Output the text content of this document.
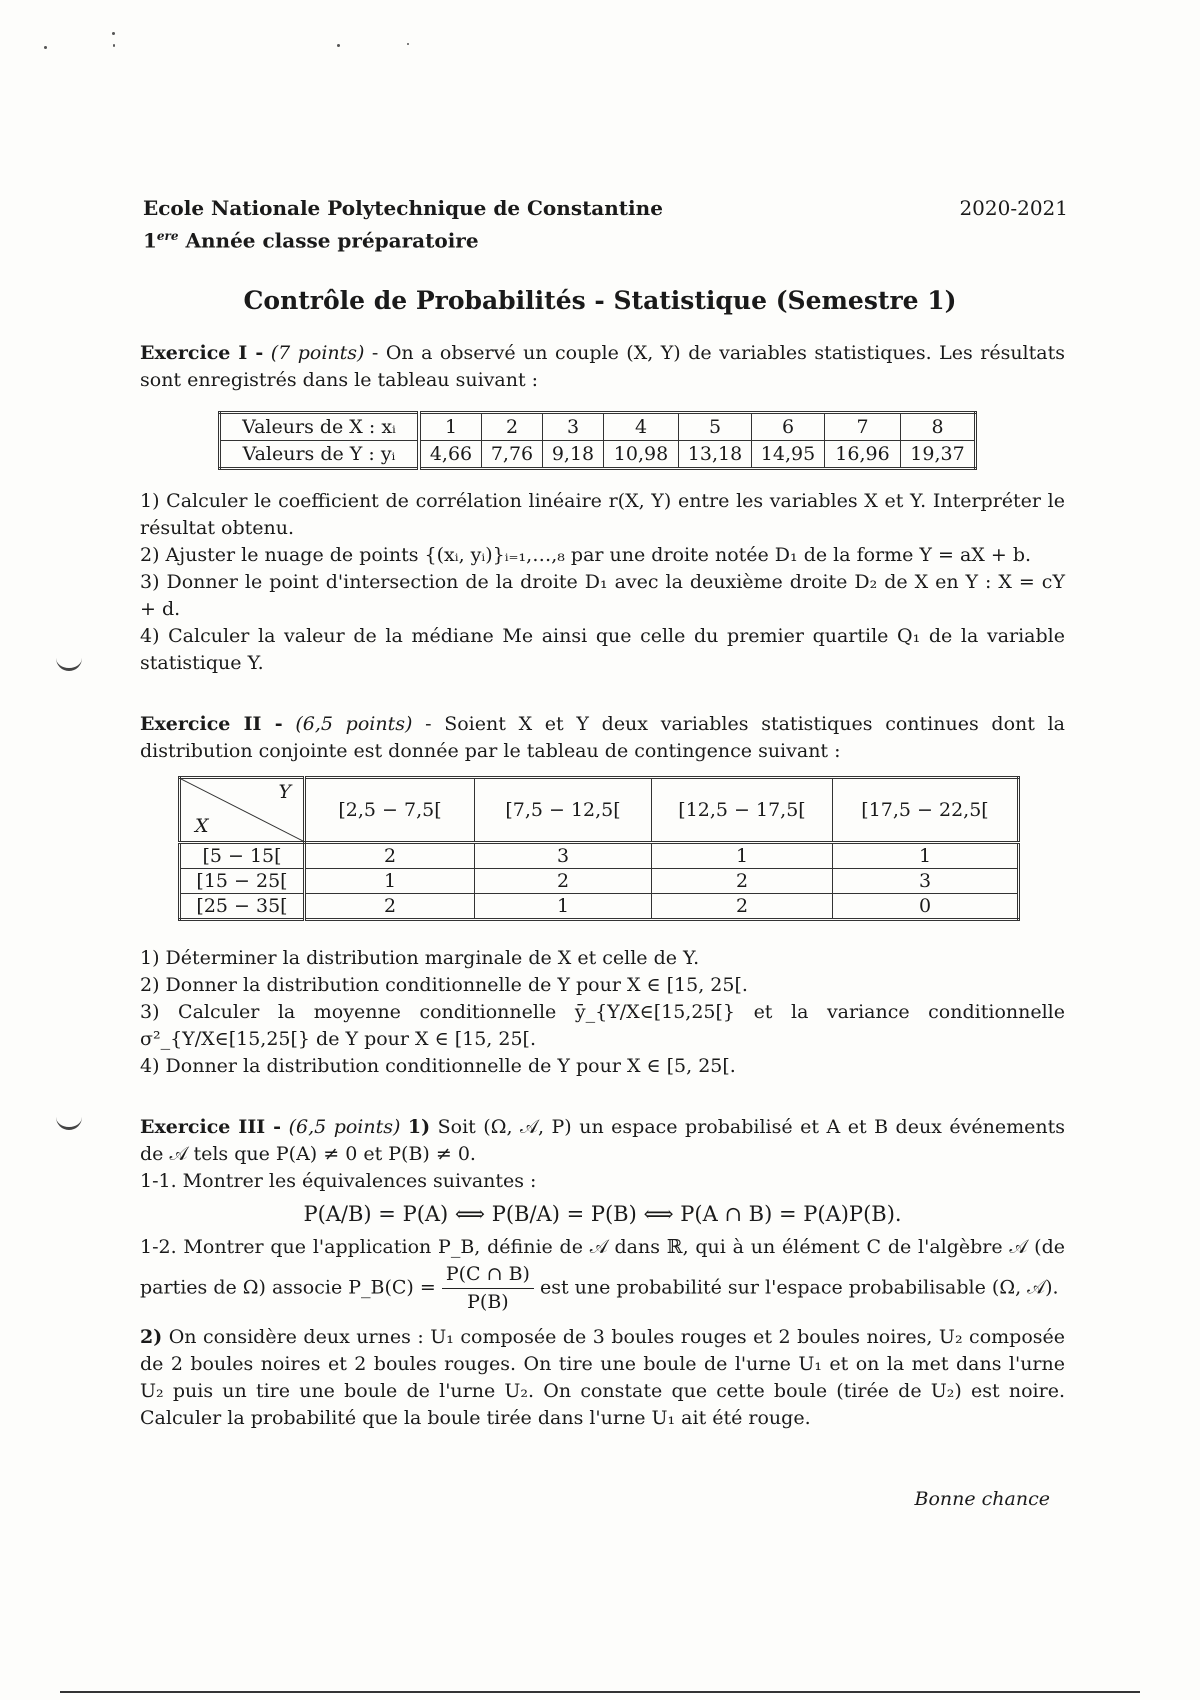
Ecole Nationale Polytechnique de Constantine
1ere Année classe préparatoire
2020-2021
Contrôle de Probabilités - Statistique (Semestre 1)
Exercice I - (7 points) - On a observé un couple (X, Y) de variables statistiques. Les résultats sont enregistrés dans le tableau suivant :
Valeurs de X : xᵢ	1	2	3	4	5	6	7	8
Valeurs de Y : yᵢ	4,66	7,76	9,18	10,98	13,18	14,95	16,96	19,37
1) Calculer le coefficient de corrélation linéaire r(X, Y) entre les variables X et Y. Interpréter le résultat obtenu.
2) Ajuster le nuage de points {(xᵢ, yᵢ)}ᵢ₌₁,…,₈ par une droite notée D₁ de la forme Y = aX + b.
3) Donner le point d'intersection de la droite D₁ avec la deuxième droite D₂ de X en Y : X = cY + d.
4) Calculer la valeur de la médiane Me ainsi que celle du premier quartile Q₁ de la variable statistique Y.
Exercice II - (6,5 points) - Soient X et Y deux variables statistiques continues dont la distribution conjointe est donnée par le tableau de contingence suivant :
Y
X	[2,5 − 7,5[	[7,5 − 12,5[	[12,5 − 17,5[	[17,5 − 22,5[
[5 − 15[	2	3	1	1
[15 − 25[	1	2	2	3
[25 − 35[	2	1	2	0
1) Déterminer la distribution marginale de X et celle de Y.
2) Donner la distribution conditionnelle de Y pour X ∈ [15, 25[.
3) Calculer la moyenne conditionnelle ȳ_{Y/X∈[15,25[} et la variance conditionnelle σ²_{Y/X∈[15,25[} de Y pour X ∈ [15, 25[.
4) Donner la distribution conditionnelle de Y pour X ∈ [5, 25[.
Exercice III - (6,5 points) 1) Soit (Ω, 𝒜, P) un espace probabilisé et A et B deux événements de 𝒜 tels que P(A) ≠ 0 et P(B) ≠ 0.
1-1. Montrer les équivalences suivantes :
P(A/B) = P(A) ⟺ P(B/A) = P(B) ⟺ P(A ∩ B) = P(A)P(B).
1-2. Montrer que l'application P_B, définie de 𝒜 dans ℝ, qui à un élément C de l'algèbre 𝒜 (de parties de Ω) associe P_B(C) = $\frac{P(C \cap B)}{P(B)}$ est une probabilité sur l'espace probabilisable (Ω, 𝒜).
2) On considère deux urnes : U₁ composée de 3 boules rouges et 2 boules noires, U₂ composée de 2 boules noires et 2 boules rouges. On tire une boule de l'urne U₁ et on la met dans l'urne U₂ puis un tire une boule de l'urne U₂. On constate que cette boule (tirée de U₂) est noire. Calculer la probabilité que la boule tirée dans l'urne U₁ ait été rouge.
Bonne chance
